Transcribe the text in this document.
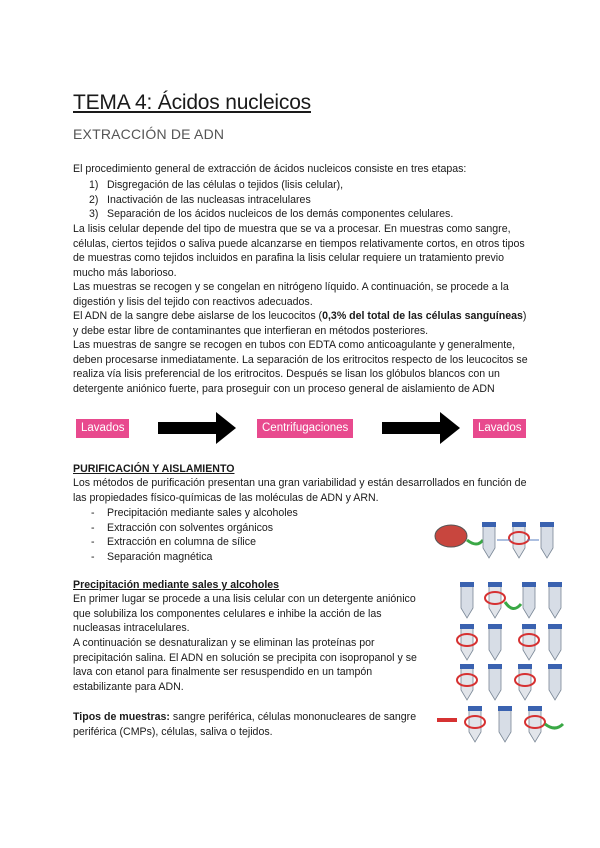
TEMA 4: Ácidos nucleicos
EXTRACCIÓN DE ADN

El procedimiento general de extracción de ácidos nucleicos consiste en tres etapas:

1) Disgregación de las células o tejidos (lisis celular),
2) Inactivación de las nucleasas intracelulares
3) Separación de los ácidos nucleicos de los demás componentes celulares.

La lisis celular depende del tipo de muestra que se va a procesar. En muestras como sangre, células, ciertos tejidos o saliva puede alcanzarse en tiempos relativamente cortos, en otros tipos de muestras como tejidos incluidos en parafina la lisis celular requiere un tratamiento previo mucho más laborioso.

Las muestras se recogen y se congelan en nitrógeno líquido. A continuación, se procede a la digestión y lisis del tejido con reactivos adecuados.

El ADN de la sangre debe aislarse de los leucocitos (0,3% del total de las células sanguíneas) y debe estar libre de contaminantes que interfieran en métodos posteriores.

Las muestras de sangre se recogen en tubos con EDTA como anticoagulante y generalmente, deben procesarse inmediatamente. La separación de los eritrocitos respecto de los leucocitos se realiza vía lisis preferencial de los eritrocitos. Después se lisan los glóbulos blancos con un detergente aniónico fuerte, para proseguir con un proceso general de aislamiento de ADN

Lavados	Centrifugaciones	Lavados
PURIFICACIÓN Y AISLAMIENTO

Los métodos de purificación presentan una gran variabilidad y están desarrollados en función de las propiedades físico-químicas de las moléculas de ADN y ARN.

- Precipitación mediante sales y alcoholes
- Extracción con solventes orgánicos
- Extracción en columna de sílice
- Separación magnética
Precipitación mediante sales y alcoholes

En primer lugar se procede a una lisis celular con un detergente aniónico que solubiliza los componentes celulares e inhibe la acción de las nucleasas intracelulares.

A continuación se desnaturalizan y se eliminan las proteínas por precipitación salina. El ADN en solución se precipita con isopropanol y se lava con etanol para finalmente ser resuspendido en un tampón estabilizante para ADN.

Tipos de muestras: sangre periférica, células mononucleares de sangre periférica (CMPs), células, saliva o tejidos.
